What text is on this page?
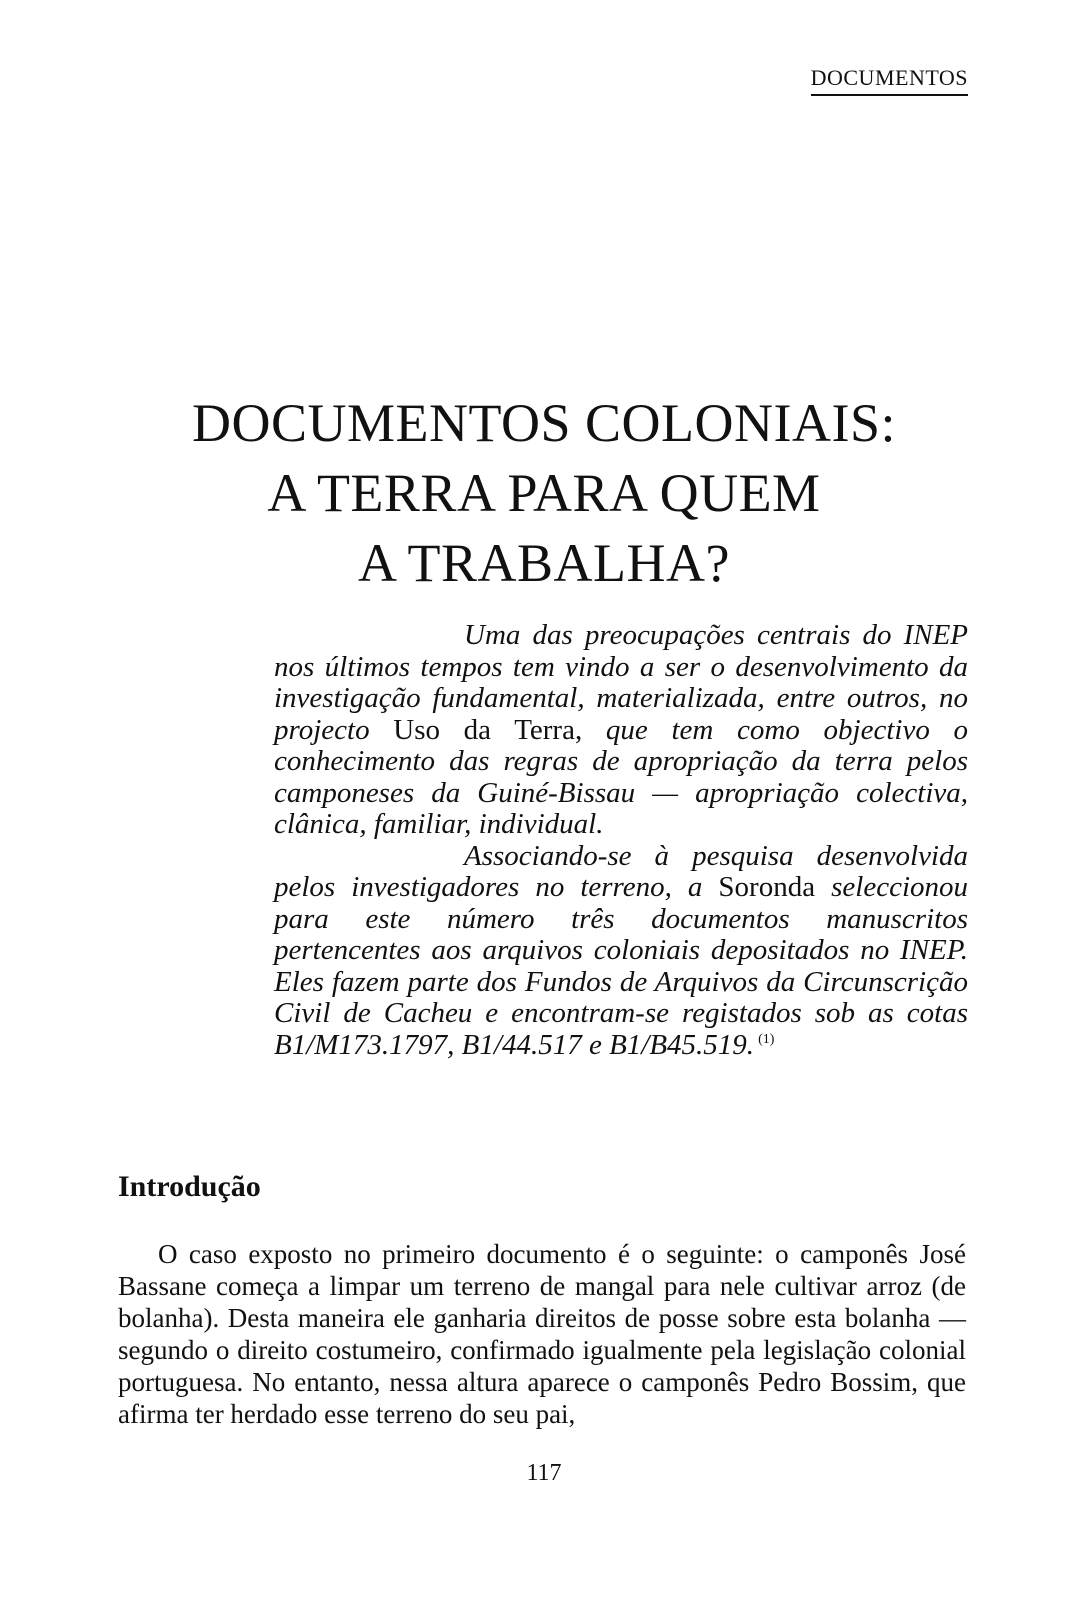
DOCUMENTOS
DOCUMENTOS COLONIAIS:
A TERRA PARA QUEM
A TRABALHA?

Uma das preocupações centrais do INEP nos últimos tempos tem vindo a ser o desenvolvimento da investigação fundamental, materializada, entre outros, no projecto Uso da Terra, que tem como objectivo o conhecimento das regras de apropriação da terra pelos camponeses da Guiné-Bissau — apropriação colectiva, clânica, familiar, individual.

Associando-se à pesquisa desenvolvida pelos investigadores no terreno, a Soronda seleccionou para este número três documentos manuscritos pertencentes aos arquivos coloniais depositados no INEP. Eles fazem parte dos Fundos de Arquivos da Circunscrição Civil de Cacheu e encontram-se registados sob as cotas B1/M173.1797, B1/44.517 e B1/B45.519. $^{(1)}$

Introdução

O caso exposto no primeiro documento é o seguinte: o camponês José Bassane começa a limpar um terreno de mangal para nele cultivar arroz (de bolanha). Desta maneira ele ganharia direitos de posse sobre esta bolanha — segundo o direito costumeiro, confirmado igualmente pela legislação colonial portuguesa. No entanto, nessa altura aparece o camponês Pedro Bossim, que afirma ter herdado esse terreno do seu pai,

117
